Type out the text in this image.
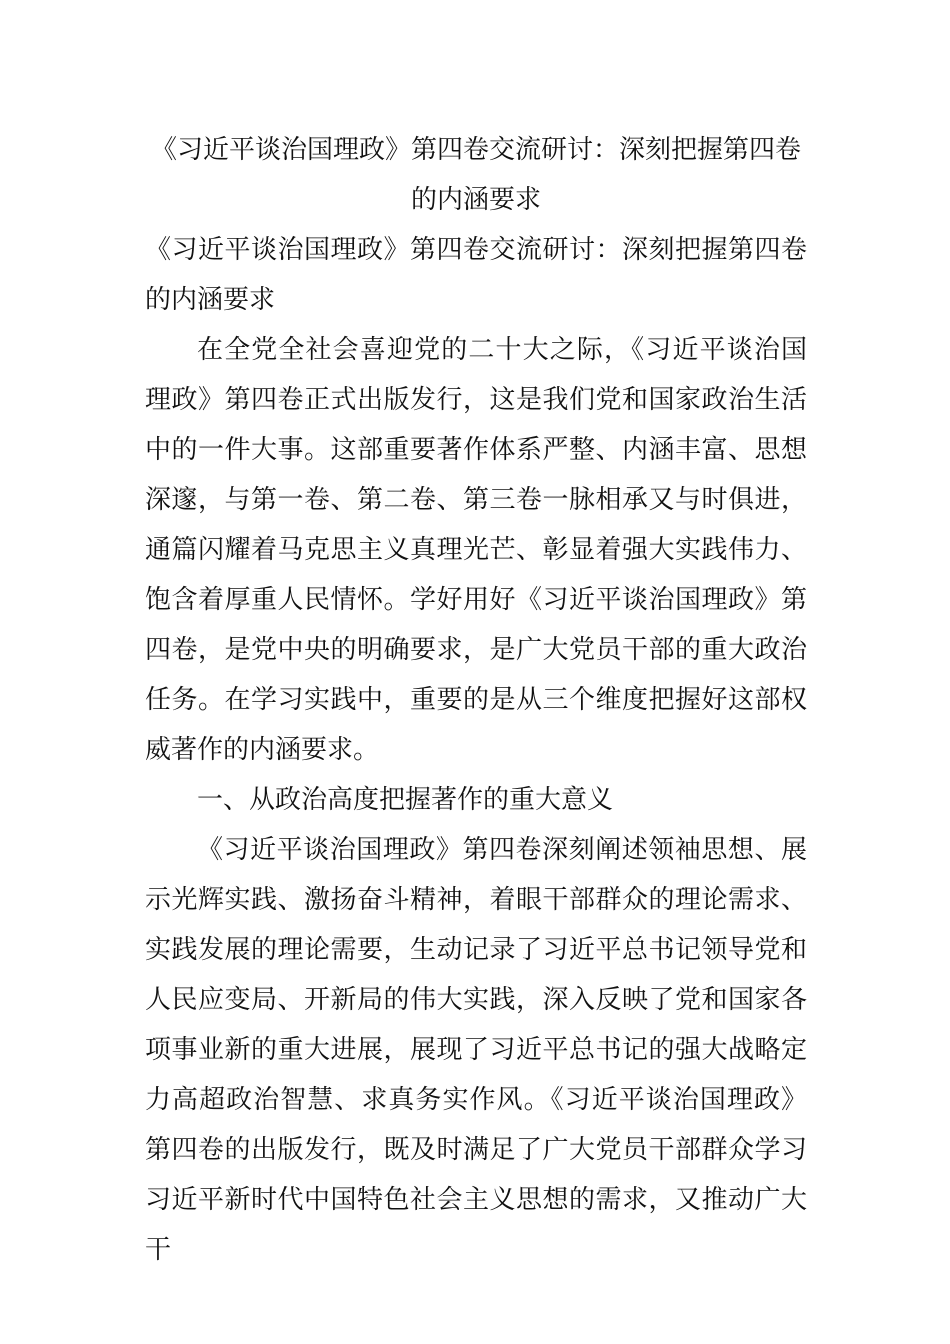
《习近平谈治国理政》第四卷交流研讨：深刻把握第四卷的内涵要求

《习近平谈治国理政》第四卷交流研讨：深刻把握第四卷的内涵要求

在全党全社会喜迎党的二十大之际，《习近平谈治国理政》第四卷正式出版发行，这是我们党和国家政治生活中的一件大事。这部重要著作体系严整、内涵丰富、思想深邃，与第一卷、第二卷、第三卷一脉相承又与时俱进，通篇闪耀着马克思主义真理光芒、彰显着强大实践伟力、饱含着厚重人民情怀。学好用好《习近平谈治国理政》第四卷，是党中央的明确要求，是广大党员干部的重大政治任务。在学习实践中，重要的是从三个维度把握好这部权威著作的内涵要求。

一、从政治高度把握著作的重大意义

《习近平谈治国理政》第四卷深刻阐述领袖思想、展示光辉实践、激扬奋斗精神，着眼干部群众的理论需求、实践发展的理论需要，生动记录了习近平总书记领导党和人民应变局、开新局的伟大实践，深入反映了党和国家各项事业新的重大进展，展现了习近平总书记的强大战略定力高超政治智慧、求真务实作风。《习近平谈治国理政》第四卷的出版发行，既及时满足了广大党员干部群众学习习近平新时代中国特色社会主义思想的需求，又推动广大干
